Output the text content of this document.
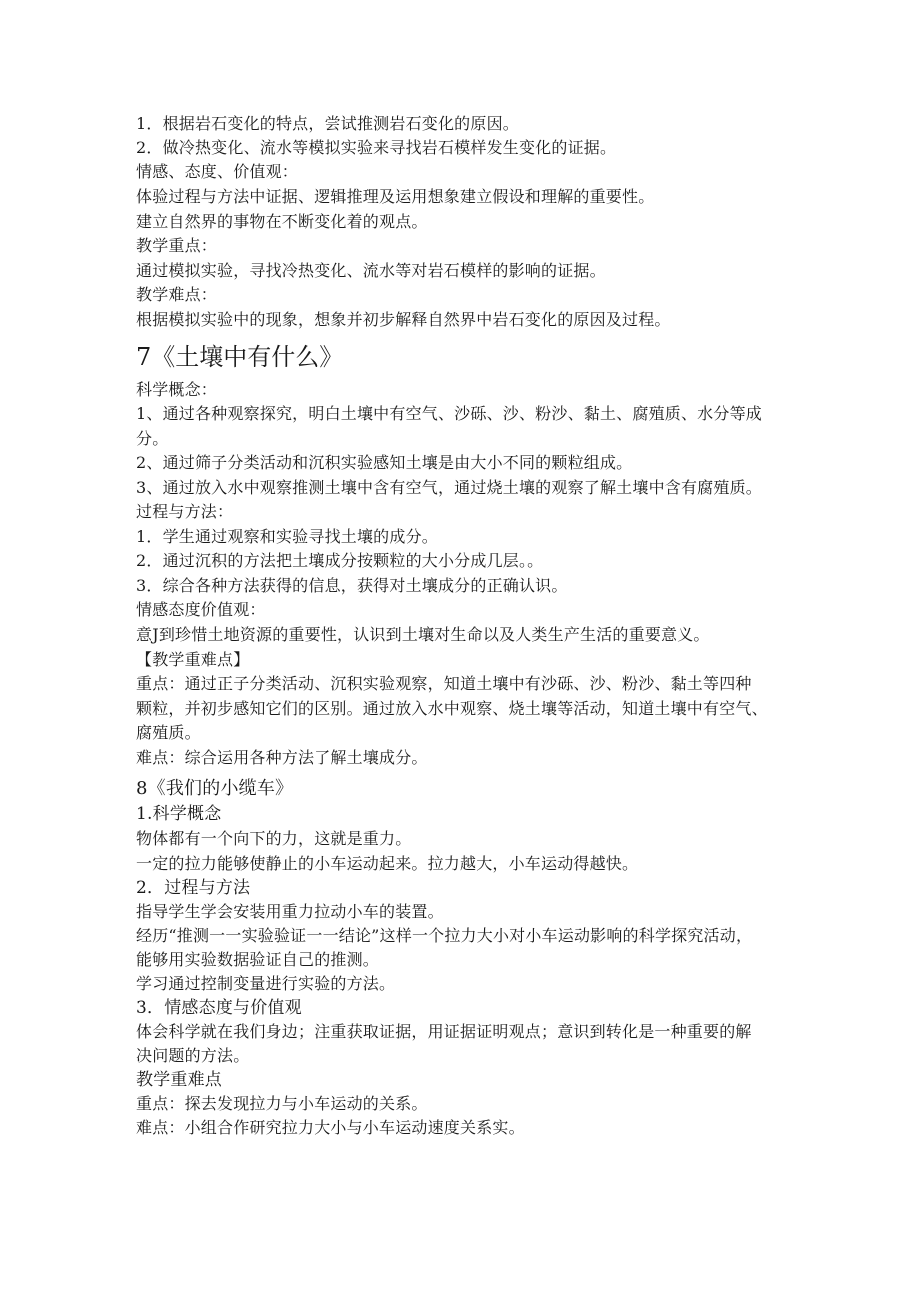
1．根据岩石变化的特点，尝试推测岩石变化的原因。
2．做冷热变化、流水等模拟实验来寻找岩石模样发生变化的证据。
情感、态度、价值观：
体验过程与方法中证据、逻辑推理及运用想象建立假设和理解的重要性。
建立自然界的事物在不断变化着的观点。
教学重点：
通过模拟实验，寻找冷热变化、流水等对岩石模样的影响的证据。
教学难点：
根据模拟实验中的现象，想象并初步解释自然界中岩石变化的原因及过程。
7《土壤中有什么》
科学概念：
1、通过各种观察探究，明白土壤中有空气、沙砾、沙、粉沙、黏土、腐殖质、水分等成
分。
2、通过筛子分类活动和沉积实验感知土壤是由大小不同的颗粒组成。
3、通过放入水中观察推测土壤中含有空气，通过烧土壤的观察了解土壤中含有腐殖质。
过程与方法：
1．学生通过观察和实验寻找土壤的成分。
2．通过沉积的方法把土壤成分按颗粒的大小分成几层。。
3．综合各种方法获得的信息，获得对土壤成分的正确认识。
情感态度价值观：
意J到珍惜土地资源的重要性，认识到土壤对生命以及人类生产生活的重要意义。
【教学重难点】
重点：通过正子分类活动、沉积实验观察，知道土壤中有沙砾、沙、粉沙、黏土等四种
颗粒，并初步感知它们的区别。通过放入水中观察、烧土壤等活动，知道土壤中有空气、
腐殖质。
难点：综合运用各种方法了解土壤成分。
8《我们的小缆车》
1.科学概念
物体都有一个向下的力，这就是重力。
一定的拉力能够使静止的小车运动起来。拉力越大，小车运动得越快。
2．过程与方法
指导学生学会安装用重力拉动小车的装置。
经历“推测一一实验验证一一结论”这样一个拉力大小对小车运动影响的科学探究活动，
能够用实验数据验证自己的推测。
学习通过控制变量进行实验的方法。
3．情感态度与价值观
体会科学就在我们身边；注重获取证据，用证据证明观点；意识到转化是一种重要的解
决问题的方法。
教学重难点
重点：探去发现拉力与小车运动的关系。
难点：小组合作研究拉力大小与小车运动速度关系实。
